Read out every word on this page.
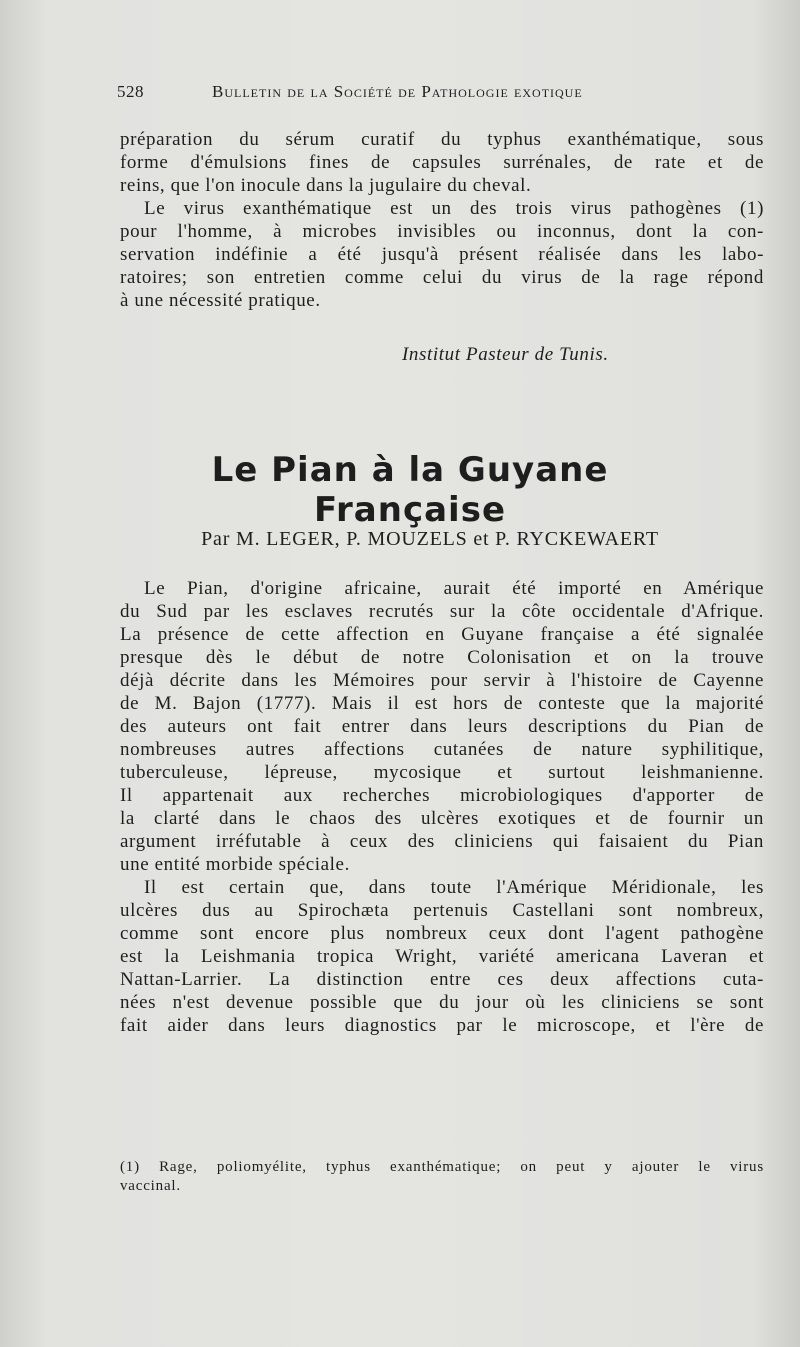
528	Bulletin de la Société de Pathologie exotique
préparation du sérum curatif du typhus exanthématique, sous
forme d'émulsions fines de capsules surrénales, de rate et de
reins, que l'on inocule dans la jugulaire du cheval.
Le virus exanthématique est un des trois virus pathogènes (1)
pour l'homme, à microbes invisibles ou inconnus, dont la con-
servation indéfinie a été jusqu'à présent réalisée dans les labo-
ratoires; son entretien comme celui du virus de la rage répond
à une nécessité pratique.
Institut Pasteur de Tunis.
Le Pian à la Guyane Française
Par M. LEGER, P. MOUZELS et P. RYCKEWAERT
Le Pian, d'origine africaine, aurait été importé en Amérique
du Sud par les esclaves recrutés sur la côte occidentale d'Afrique.
La présence de cette affection en Guyane française a été signalée
presque dès le début de notre Colonisation et on la trouve
déjà décrite dans les Mémoires pour servir à l'histoire de Cayenne
de M. Bajon (1777). Mais il est hors de conteste que la majorité
des auteurs ont fait entrer dans leurs descriptions du Pian de
nombreuses autres affections cutanées de nature syphilitique,
tuberculeuse, lépreuse, mycosique et surtout leishmanienne.
Il appartenait aux recherches microbiologiques d'apporter de
la clarté dans le chaos des ulcères exotiques et de fournir un
argument irréfutable à ceux des cliniciens qui faisaient du Pian
une entité morbide spéciale.
Il est certain que, dans toute l'Amérique Méridionale, les
ulcères dus au Spirochæta pertenuis Castellani sont nombreux,
comme sont encore plus nombreux ceux dont l'agent pathogène
est la Leishmania tropica Wright, variété americana Laveran et
Nattan-Larrier. La distinction entre ces deux affections cuta-
nées n'est devenue possible que du jour où les cliniciens se sont
fait aider dans leurs diagnostics par le microscope, et l'ère de
(1) Rage, poliomyélite, typhus exanthématique; on peut y ajouter le virus
vaccinal.
